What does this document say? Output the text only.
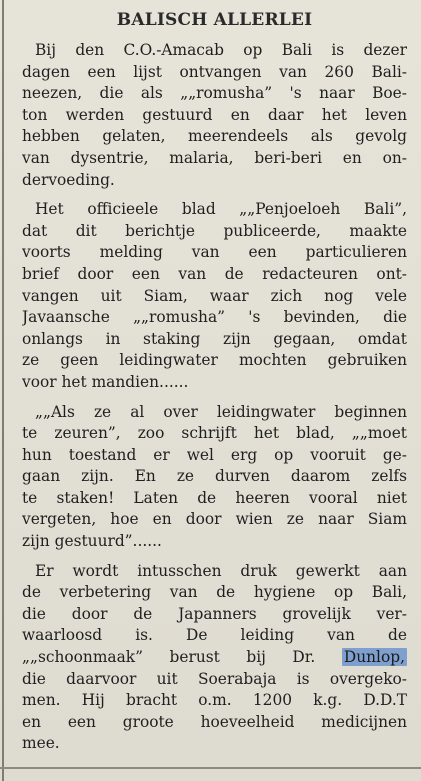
BALISCH ALLERLEI
Bij den C.O.-Amacab op Bali is dezer
dagen een lijst ontvangen van 260 Bali-
neezen, die als „„romusha” 's naar Boe-
ton werden gestuurd en daar het leven
hebben gelaten, meerendeels als gevolg
van dysentrie, malaria, beri-beri en on-
dervoeding.
Het officieele blad „„Penjoeloeh Bali”,
dat dit berichtje publiceerde, maakte
voorts melding van een particulieren
brief door een van de redacteuren ont-
vangen uit Siam, waar zich nog vele
Javaansche „„romusha” 's bevinden, die
onlangs in staking zijn gegaan, omdat
ze geen leidingwater mochten gebruiken
voor het mandien......
„„Als ze al over leidingwater beginnen
te zeuren”, zoo schrijft het blad, „„moet
hun toestand er wel erg op vooruit ge-
gaan zijn. En ze durven daarom zelfs
te staken! Laten de heeren vooral niet
vergeten, hoe en door wien ze naar Siam
zijn gestuurd”......
Er wordt intusschen druk gewerkt aan
de verbetering van de hygiene op Bali,
die door de Japanners grovelijk ver-
waarloosd is. De leiding van de
„„schoonmaak” berust bij Dr. Dunlop,
die daarvoor uit Soerabaja is overgeko-
men. Hij bracht o.m. 1200 k.g. D.D.T
en een groote hoeveelheid medicijnen
mee.
